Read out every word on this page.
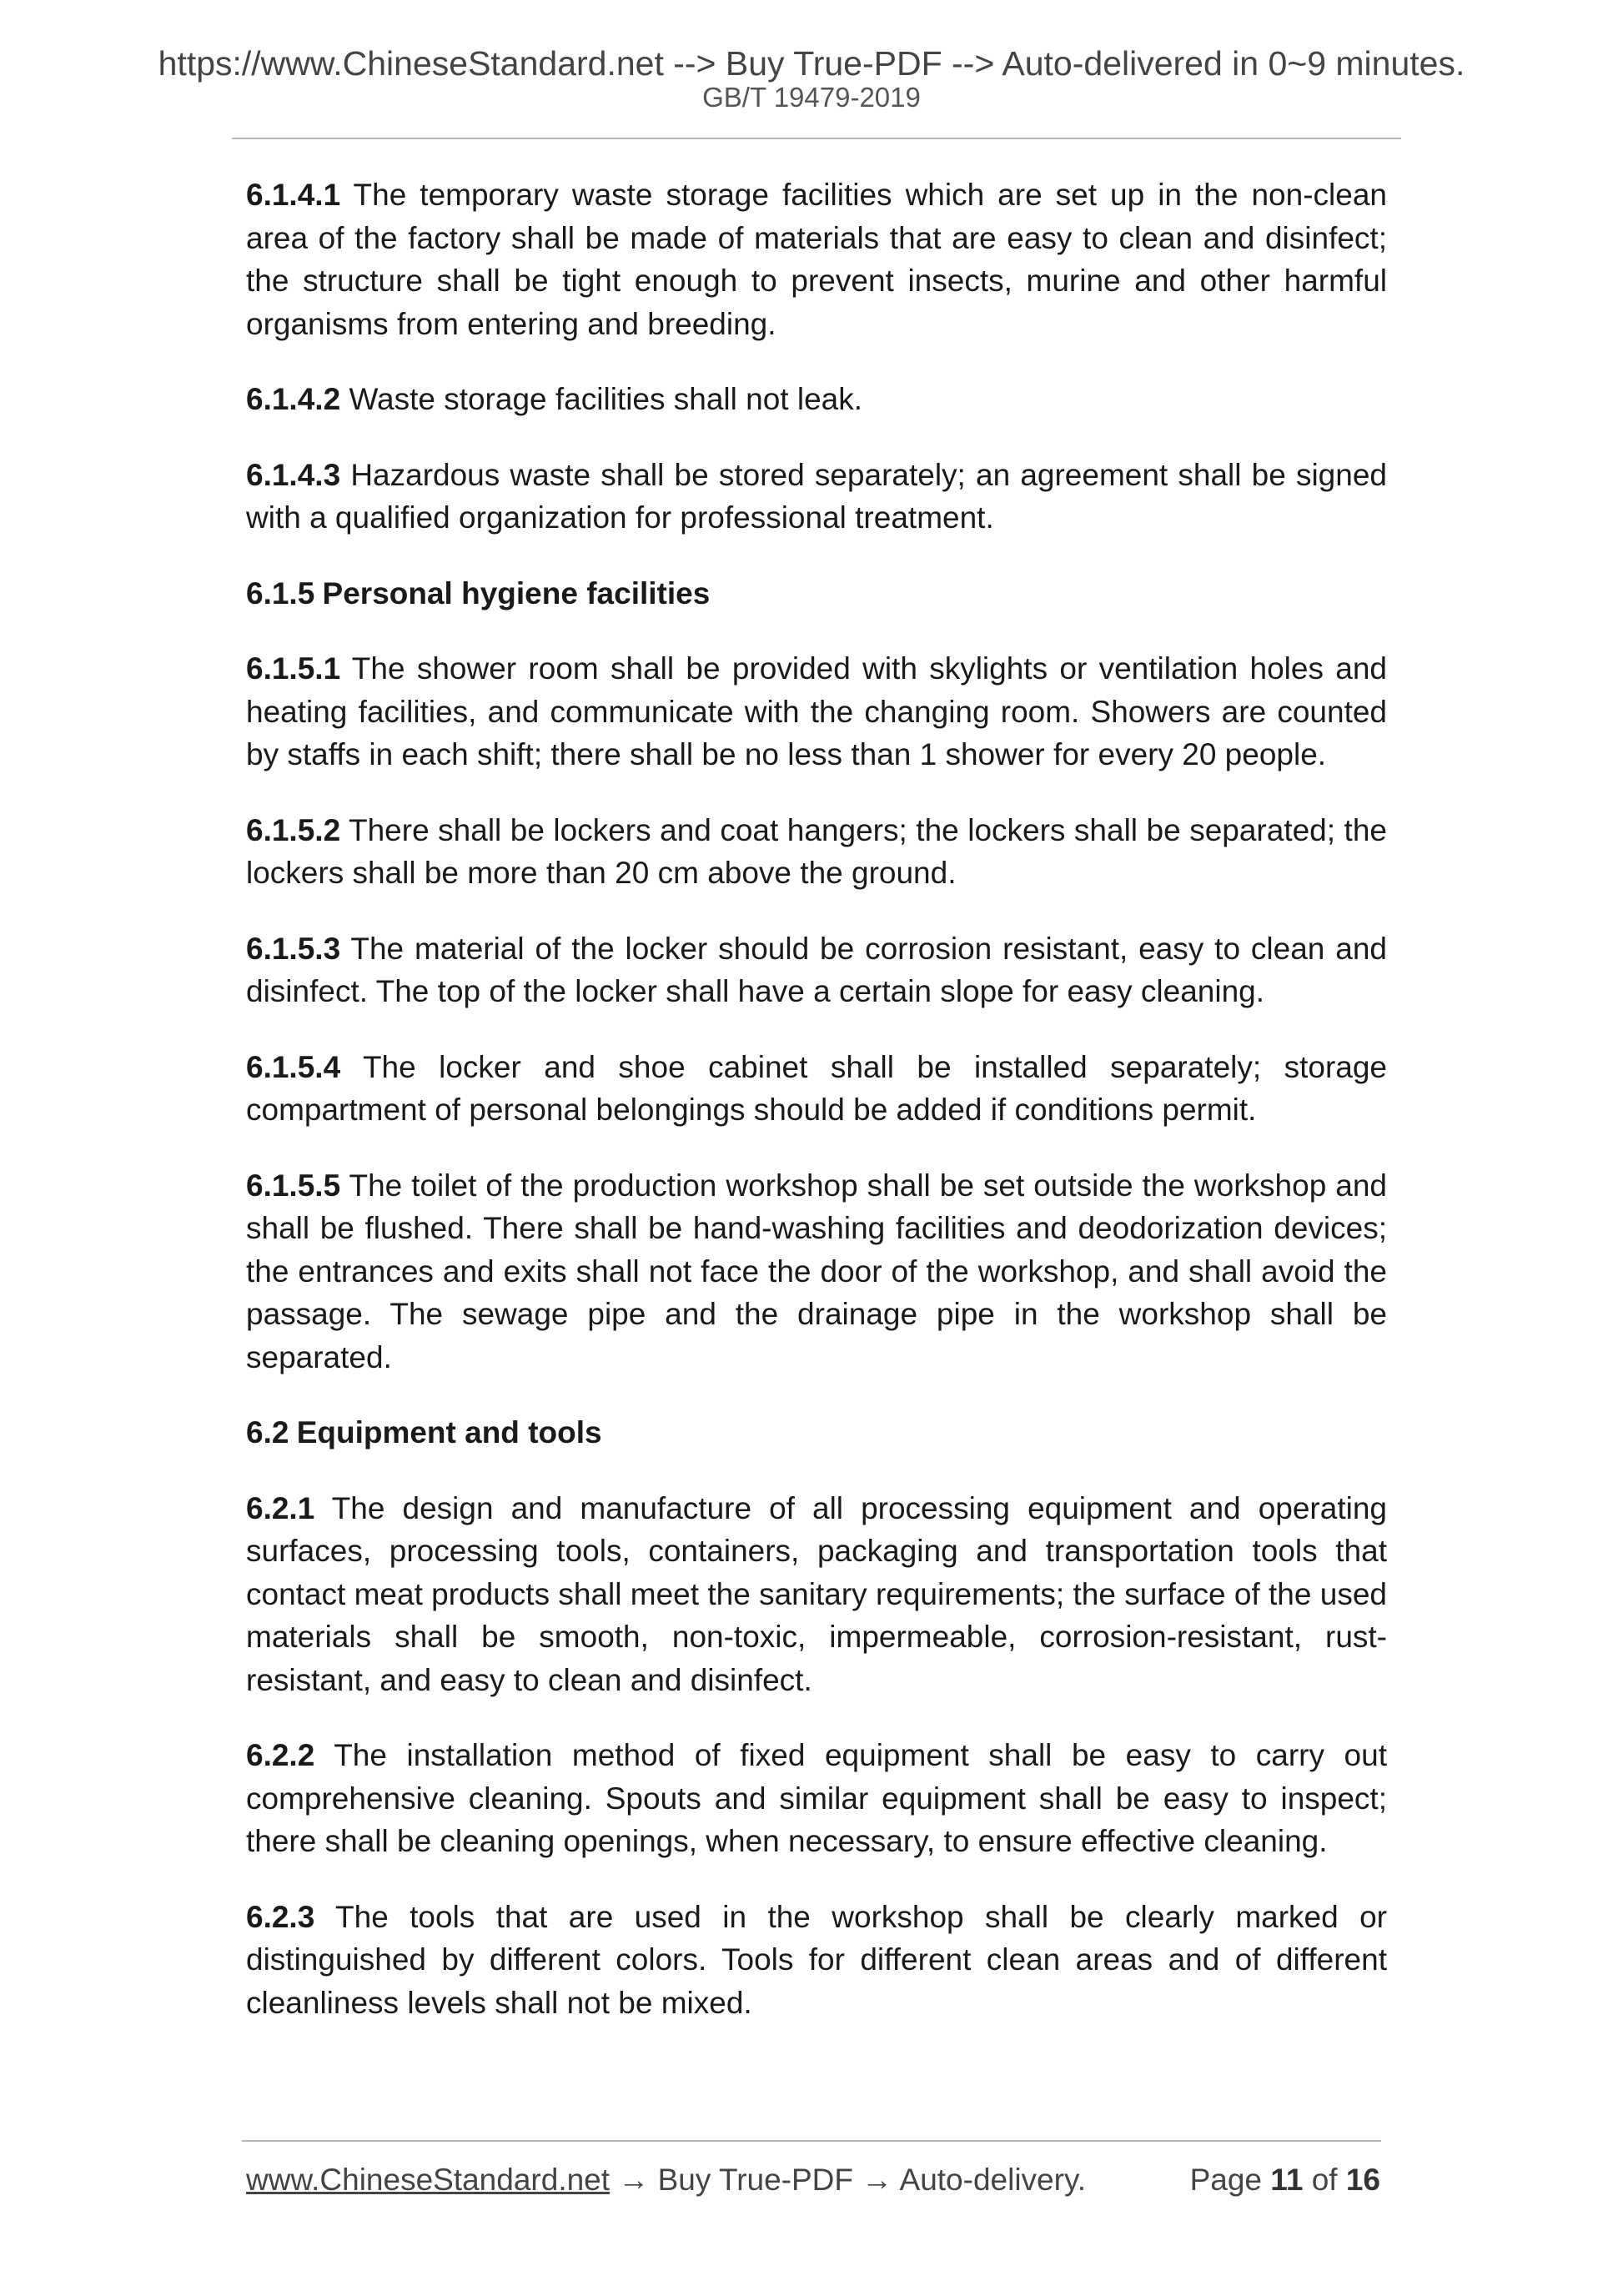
https://www.ChineseStandard.net --> Buy True-PDF --> Auto-delivered in 0~9 minutes.
GB/T 19479-2019

6.1.4.1 The temporary waste storage facilities which are set up in the non-clean area of the factory shall be made of materials that are easy to clean and disinfect; the structure shall be tight enough to prevent insects, murine and other harmful organisms from entering and breeding.

6.1.4.2 Waste storage facilities shall not leak.

6.1.4.3 Hazardous waste shall be stored separately; an agreement shall be signed with a qualified organization for professional treatment.

6.1.5 Personal hygiene facilities

6.1.5.1 The shower room shall be provided with skylights or ventilation holes and heating facilities, and communicate with the changing room. Showers are counted by staffs in each shift; there shall be no less than 1 shower for every 20 people.

6.1.5.2 There shall be lockers and coat hangers; the lockers shall be separated; the lockers shall be more than 20 cm above the ground.

6.1.5.3 The material of the locker should be corrosion resistant, easy to clean and disinfect. The top of the locker shall have a certain slope for easy cleaning.

6.1.5.4 The locker and shoe cabinet shall be installed separately; storage compartment of personal belongings should be added if conditions permit.

6.1.5.5 The toilet of the production workshop shall be set outside the workshop and shall be flushed. There shall be hand-washing facilities and deodorization devices; the entrances and exits shall not face the door of the workshop, and shall avoid the passage. The sewage pipe and the drainage pipe in the workshop shall be separated.

6.2 Equipment and tools

6.2.1 The design and manufacture of all processing equipment and operating surfaces, processing tools, containers, packaging and transportation tools that contact meat products shall meet the sanitary requirements; the surface of the used materials shall be smooth, non-toxic, impermeable, corrosion-resistant, rust-resistant, and easy to clean and disinfect.

6.2.2 The installation method of fixed equipment shall be easy to carry out comprehensive cleaning. Spouts and similar equipment shall be easy to inspect; there shall be cleaning openings, when necessary, to ensure effective cleaning.

6.2.3 The tools that are used in the workshop shall be clearly marked or distinguished by different colors. Tools for different clean areas and of different cleanliness levels shall not be mixed.

www.ChineseStandard.net → Buy True-PDF → Auto-delivery.	Page 11 of 16
